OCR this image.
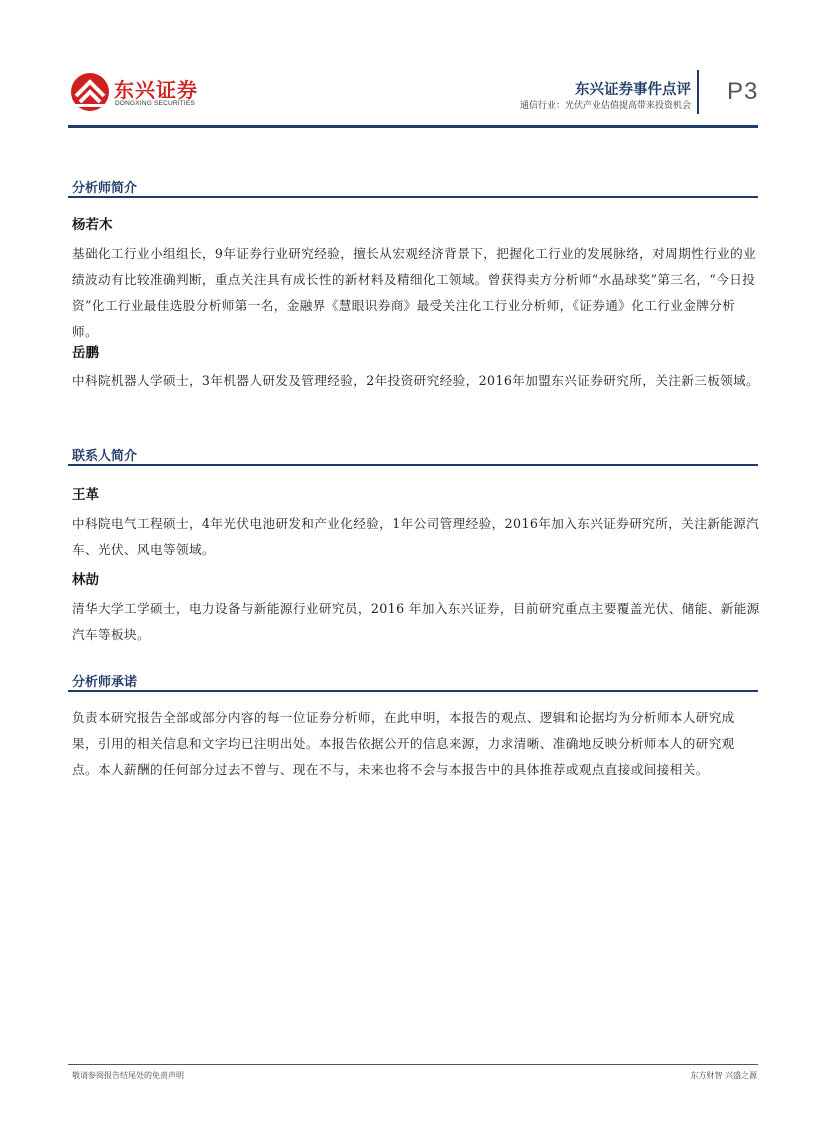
东兴证券
DONGXING SECURITIES
东兴证券事件点评
通信行业：光伏产业估值提高带来投资机会
P3
分析师简介
杨若木
基础化工行业小组组长，9年证券行业研究经验，擅长从宏观经济背景下，把握化工行业的发展脉络，对周期性行业的业绩波动有比较准确判断，重点关注具有成长性的新材料及精细化工领域。曾获得卖方分析师“水晶球奖”第三名，“今日投资”化工行业最佳选股分析师第一名，金融界《慧眼识券商》最受关注化工行业分析师，《证券通》化工行业金牌分析师。
岳鹏
中科院机器人学硕士，3年机器人研发及管理经验，2年投资研究经验，2016年加盟东兴证券研究所，关注新三板领域。
联系人简介
王革
中科院电气工程硕士，4年光伏电池研发和产业化经验，1年公司管理经验，2016年加入东兴证券研究所，关注新能源汽车、光伏、风电等领域。
林劼
清华大学工学硕士，电力设备与新能源行业研究员，2016 年加入东兴证券，目前研究重点主要覆盖光伏、储能、新能源汽车等板块。
分析师承诺
负责本研究报告全部或部分内容的每一位证券分析师，在此申明，本报告的观点、逻辑和论据均为分析师本人研究成果，引用的相关信息和文字均已注明出处。本报告依据公开的信息来源，力求清晰、准确地反映分析师本人的研究观点。本人薪酬的任何部分过去不曾与、现在不与，未来也将不会与本报告中的具体推荐或观点直接或间接相关。
敬请参阅报告结尾处的免责声明	东方财智 兴盛之源
